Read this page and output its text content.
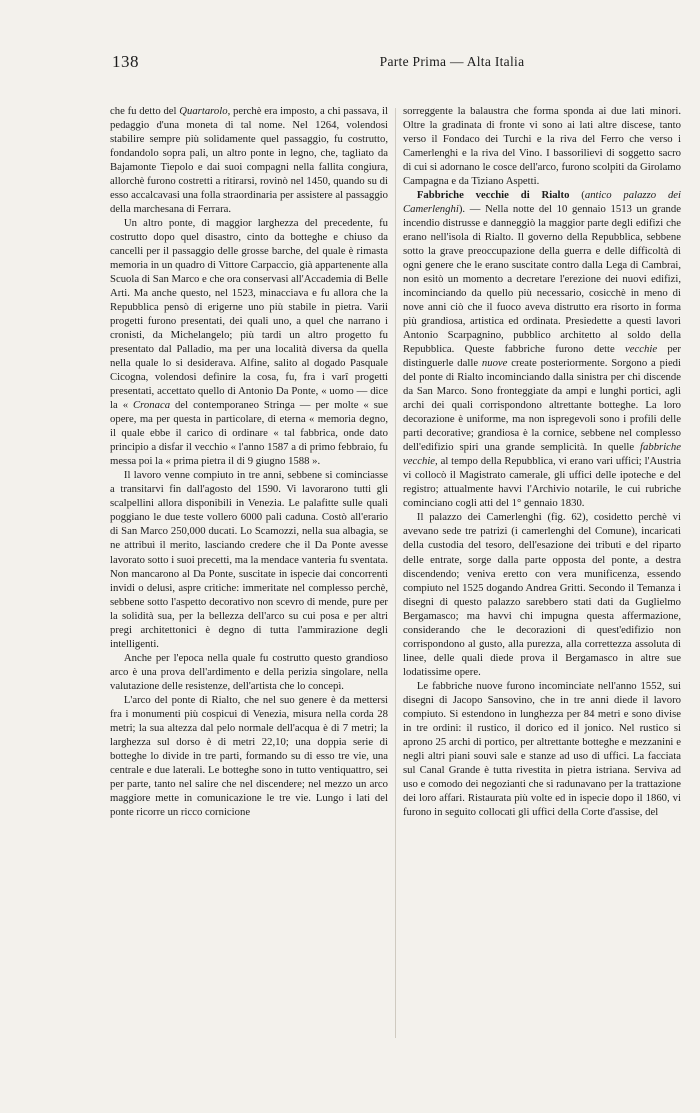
138	Parte Prima — Alta Italia

che fu detto del Quartarolo, perchè era imposto, a chi passava, il pedaggio d'una moneta di tal nome. Nel 1264, volendosi stabilire sempre più solidamente quel passaggio, fu costrutto, fondandolo sopra pali, un altro ponte in legno, che, tagliato da Bajamonte Tiepolo e dai suoi compagni nella fallita congiura, allorchè furono costretti a ritirarsi, rovinò nel 1450, quando su di esso accalcavasi una folla straordinaria per assistere al passaggio della marchesana di Ferrara.

Un altro ponte, di maggior larghezza del precedente, fu costrutto dopo quel disastro, cinto da botteghe e chiuso da cancelli per il passaggio delle grosse barche, del quale è rimasta memoria in un quadro di Vittore Carpaccio, già appartenente alla Scuola di San Marco e che ora conservasi all'Accademia di Belle Arti. Ma anche questo, nel 1523, minacciava e fu allora che la Repubblica pensò di erigerne uno più stabile in pietra. Varii progetti furono presentati, dei quali uno, a quel che narrano i cronisti, da Michelangelo; più tardi un altro progetto fu presentato dal Palladio, ma per una località diversa da quella nella quale lo si desiderava. Alfine, salito al dogado Pasquale Cicogna, volendosi definire la cosa, fu, fra i varî progetti presentati, accettato quello di Antonio Da Ponte, « uomo — dice la « Cronaca del contemporaneo Stringa — per molte « sue opere, ma per questa in particolare, di eterna « memoria degno, il quale ebbe il carico di ordinare « tal fabbrica, onde dato principio a disfar il vecchio « l'anno 1587 a di primo febbraio, fu messa poi la « prima pietra il di 9 giugno 1588 ».

Il lavoro venne compiuto in tre anni, sebbene si cominciasse a transitarvi fin dall'agosto del 1590. Vi lavorarono tutti gli scalpellini allora disponibili in Venezia. Le palafitte sulle quali poggiano le due teste vollero 6000 pali caduna. Costò all'erario di San Marco 250,000 ducati. Lo Scamozzi, nella sua albagia, se ne attribuì il merito, lasciando credere che il Da Ponte avesse lavorato sotto i suoi precetti, ma la mendace vanteria fu sventata. Non mancarono al Da Ponte, suscitate in ispecie dai concorrenti invidi o delusi, aspre critiche: immeritate nel complesso perchè, sebbene sotto l'aspetto decorativo non scevro di mende, pure per la solidità sua, per la bellezza dell'arco su cui posa e per altri pregi architettonici è degno di tutta l'ammirazione degli intelligenti.

Anche per l'epoca nella quale fu costrutto questo grandioso arco è una prova dell'ardimento e della perizia singolare, nella valutazione delle resistenze, dell'artista che lo concepì.

L'arco del ponte di Rialto, che nel suo genere è da mettersi fra i monumenti più cospicui di Venezia, misura nella corda 28 metri; la sua altezza dal pelo normale dell'acqua è di 7 metri; la larghezza sul dorso è di metri 22,10; una doppia serie di botteghe lo divide in tre parti, formando su di esso tre vie, una centrale e due laterali. Le botteghe sono in tutto ventiquattro, sei per parte, tanto nel salire che nel discendere; nel mezzo un arco maggiore mette in comunicazione le tre vie. Lungo i lati del ponte ricorre un ricco cornicione

sorreggente la balaustra che forma sponda ai due lati minori. Oltre la gradinata di fronte vi sono ai lati altre discese, tanto verso il Fondaco dei Turchi e la riva del Ferro che verso i Camerlenghi e la riva del Vino. I bassorilievi di soggetto sacro di cui si adornano le cosce dell'arco, furono scolpiti da Girolamo Campagna e da Tiziano Aspetti.

Fabbriche vecchie di Rialto (antico palazzo dei Camerlenghi). — Nella notte del 10 gennaio 1513 un grande incendio distrusse e danneggiò la maggior parte degli edifizi che erano nell'isola di Rialto. Il governo della Repubblica, sebbene sotto la grave preoccupazione della guerra e delle difficoltà di ogni genere che le erano suscitate contro dalla Lega di Cambrai, non esitò un momento a decretare l'erezione dei nuovi edifizi, incominciando da quello più necessario, cosicchè in meno di nove anni ciò che il fuoco aveva distrutto era risorto in forma più grandiosa, artistica ed ordinata. Presiedette a questi lavori Antonio Scarpagnino, pubblico architetto al soldo della Repubblica. Queste fabbriche furono dette vecchie per distinguerle dalle nuove create posteriormente. Sorgono a piedi del ponte di Rialto incominciando dalla sinistra per chi discende da San Marco. Sono fronteggiate da ampi e lunghi portici, agli archi dei quali corrispondono altrettante botteghe. La loro decorazione è uniforme, ma non ispregevoli sono i profili delle parti decorative; grandiosa è la cornice, sebbene nel complesso dell'edifizio spiri una grande semplicità. In quelle fabbriche vecchie, al tempo della Repubblica, vi erano vari uffici; l'Austria vi collocò il Magistrato camerale, gli uffici delle ipoteche e del registro; attualmente havvi l'Archivio notarile, le cui rubriche cominciano cogli atti del 1° gennaio 1830.

Il palazzo dei Camerlenghi (fig. 62), cosidetto perchè vi avevano sede tre patrizi (i camerlenghi del Comune), incaricati della custodia del tesoro, dell'esazione dei tributi e del riparto delle entrate, sorge dalla parte opposta del ponte, a destra discendendo; veniva eretto con vera munificenza, essendo compiuto nel 1525 dogando Andrea Gritti. Secondo il Temanza i disegni di questo palazzo sarebbero stati dati da Guglielmo Bergamasco; ma havvi chi impugna questa affermazione, considerando che le decorazioni di quest'edifizio non corrispondono al gusto, alla purezza, alla correttezza assoluta di linee, delle quali diede prova il Bergamasco in altre sue lodatissime opere.

Le fabbriche nuove furono incominciate nell'anno 1552, sui disegni di Jacopo Sansovino, che in tre anni diede il lavoro compiuto. Si estendono in lunghezza per 84 metri e sono divise in tre ordini: il rustico, il dorico ed il jonico. Nel rustico si aprono 25 archi di portico, per altrettante botteghe e mezzanini e negli altri piani souvi sale e stanze ad uso di uffici. La facciata sul Canal Grande è tutta rivestita in pietra istriana. Serviva ad uso e comodo dei negozianti che si radunavano per la trattazione dei loro affari. Ristaurata più volte ed in ispecie dopo il 1860, vi furono in seguito collocati gli uffici della Corte d'assise, del
